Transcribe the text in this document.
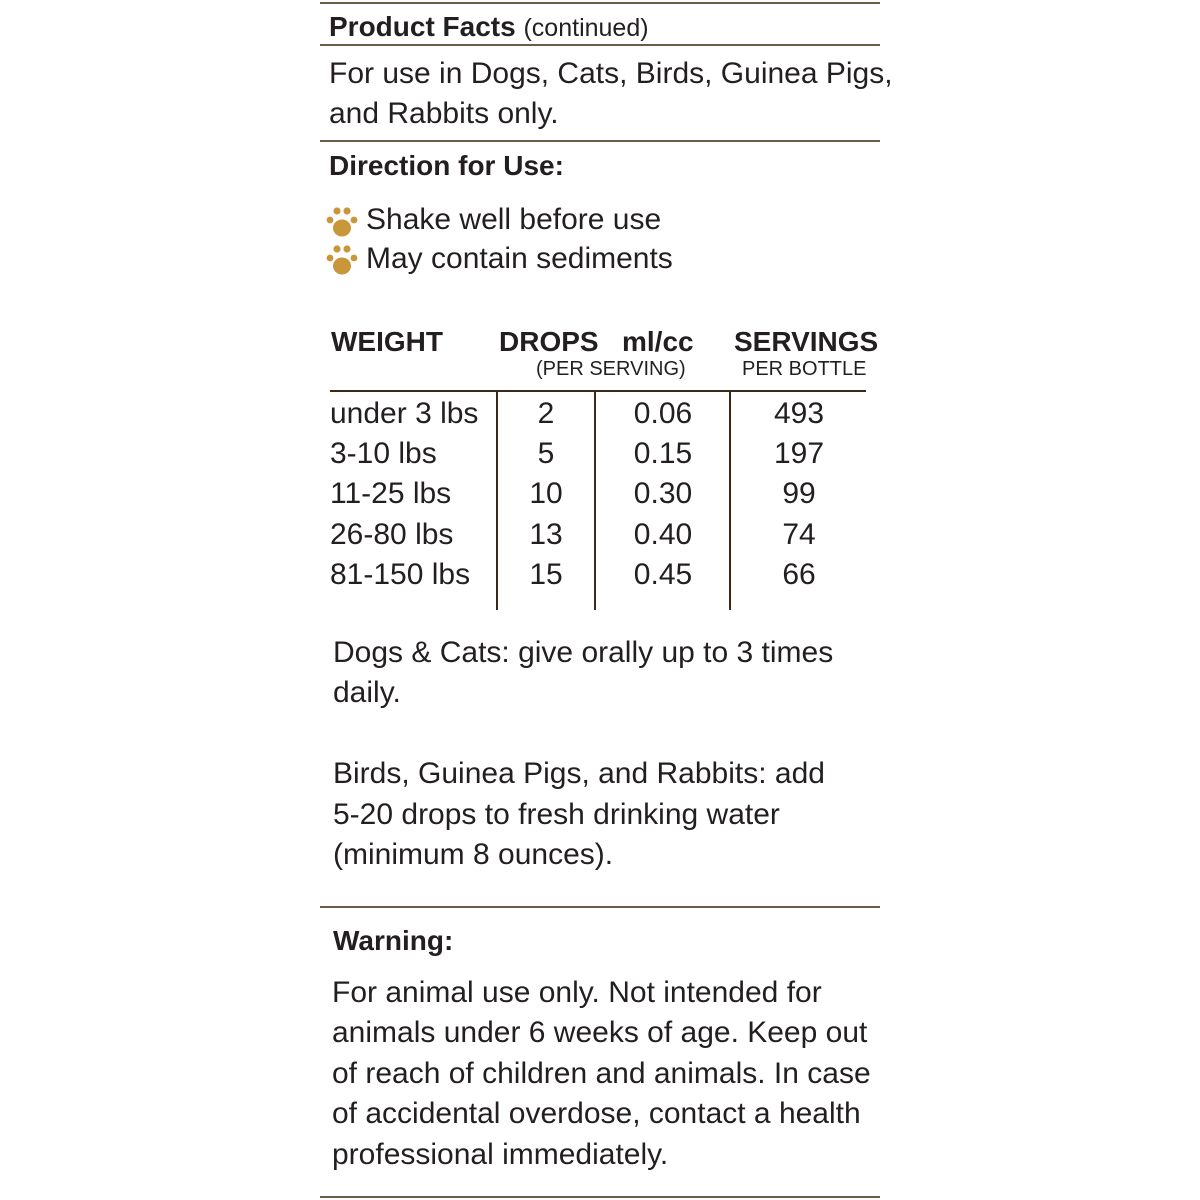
Product Facts (continued)
For use in Dogs, Cats, Birds, Guinea Pigs,
and Rabbits only.
Direction for Use:
Shake well before use
May contain sediments
WEIGHT DROPS ml/cc SERVINGS
(PER SERVING)	PER BOTTLE
under 3 lbs	2	0.06	493
3-10 lbs	5	0.15	197
11-25 lbs	10	0.30	99
26-80 lbs	13	0.40	74
81-150 lbs	15	0.45	66
Dogs & Cats: give orally up to 3 times
daily.
Birds, Guinea Pigs, and Rabbits: add
5-20 drops to fresh drinking water
(minimum 8 ounces).
Warning:
For animal use only. Not intended for
animals under 6 weeks of age. Keep out
of reach of children and animals. In case
of accidental overdose, contact a health
professional immediately.
